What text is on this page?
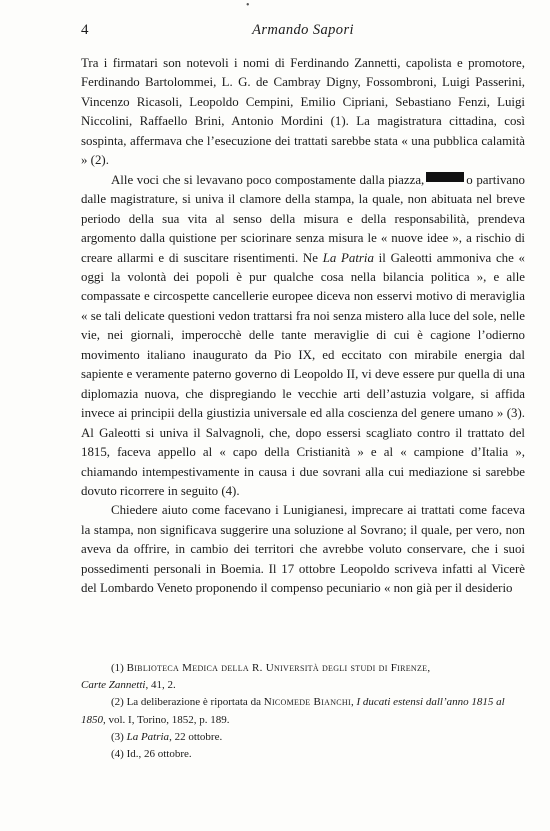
•
4	Armando Sapori

Tra i firmatari son notevoli i nomi di Ferdinando Zannetti, capolista e promotore, Ferdinando Bartolommei, L. G. de Cambray Digny, Fossombroni, Luigi Passerini, Vincenzo Ricasoli, Leopoldo Cempini, Emilio Cipriani, Sebastiano Fenzi, Luigi Niccolini, Raffaello Brini, Antonio Mordini (1). La magistratura cittadina, così sospinta, affermava che l’esecuzione dei trattati sarebbe stata « una pubblica calamità » (2).

Alle voci che si levavano poco compostamente dalla piazza,	o partivano dalle magistrature, si univa il clamore della stampa, la quale, non abituata nel breve periodo della sua vita al senso della misura e della responsabilità, prendeva argomento dalla quistione per sciorinare senza misura le « nuove idee », a rischio di creare allarmi e di suscitare risentimenti. Ne La Patria il Galeotti ammoniva che « oggi la volontà dei popoli è pur qualche cosa nella bilancia politica », e alle compassate e circospette cancellerie europee diceva non esservi motivo di meraviglia « se tali delicate questioni vedon trattarsi fra noi senza mistero alla luce del sole, nelle vie, nei giornali, imperocchè delle tante meraviglie di cui è cagione l’odierno movimento italiano inaugurato da Pio IX, ed eccitato con mirabile energia dal sapiente e veramente paterno governo di Leopoldo II, vi deve essere pur quella di una diplomazia nuova, che dispregiando le vecchie arti dell’astuzia volgare, si affida invece ai principii della giustizia universale ed alla coscienza del genere umano » (3). Al Galeotti si univa il Salvagnoli, che, dopo essersi scagliato contro il trattato del 1815, faceva appello al « capo della Cristianità » e al « campione d’Italia », chiamando intempestivamente in causa i due sovrani alla cui mediazione si sarebbe dovuto ricorrere in seguito (4).

Chiedere aiuto come facevano i Lunigianesi, imprecare ai trattati come faceva la stampa, non significava suggerire una soluzione al Sovrano; il quale, per vero, non aveva da offrire, in cambio dei territori che avrebbe voluto conservare, che i suoi possedimenti personali in Boemia. Il 17 ottobre Leopoldo scriveva infatti al Vicerè del Lombardo Veneto proponendo il compenso pecuniario « non già per il desiderio

(1) Biblioteca Medica della R. Università degli studi di Firenze,

Carte Zannetti, 41, 2.

(2) La deliberazione è riportata da Nicomede Bianchi, I ducati estensi dall’anno 1815 al 1850, vol. I, Torino, 1852, p. 189.

(3) La Patria, 22 ottobre.

(4) Id., 26 ottobre.
